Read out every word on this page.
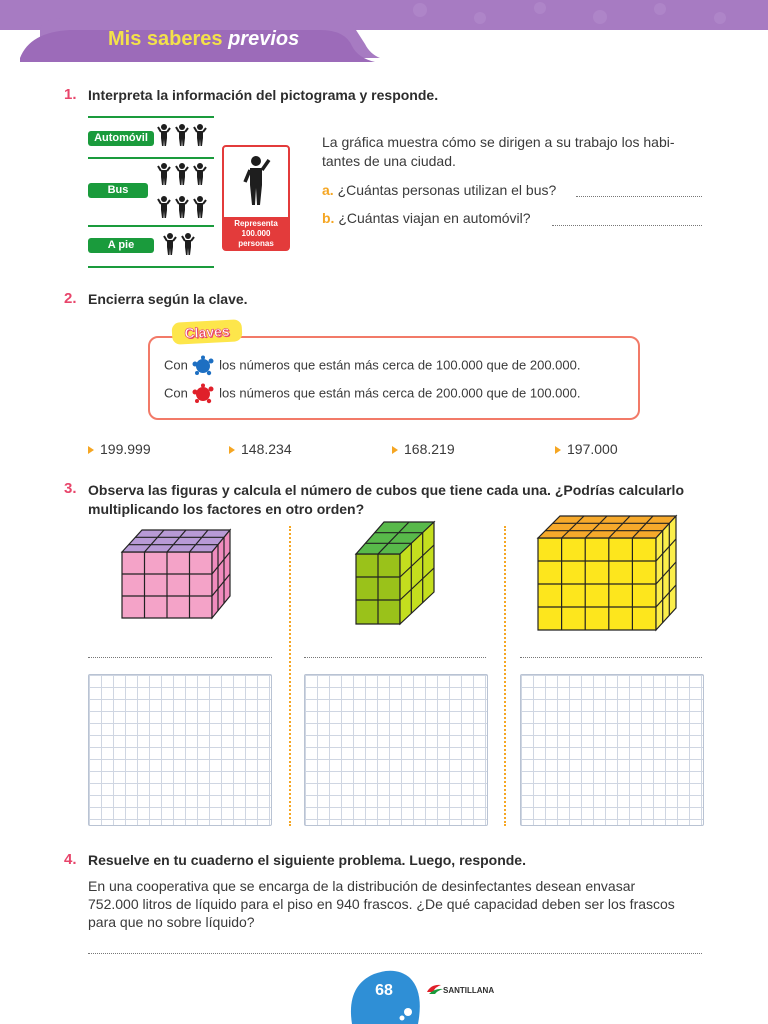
Mis saberes previos
1. Interpreta la información del pictograma y responde.
Automóvil
Bus
A pie
Representa 100.000 personas
La gráfica muestra cómo se dirigen a su trabajo los habi-
tantes de una ciudad.
a. ¿Cuántas personas utilizan el bus?
b. ¿Cuántas viajan en automóvil?
2. Encierra según la clave.
Claves
Con los números que están más cerca de 100.000 que de 200.000.
Con los números que están más cerca de 200.000 que de 100.000.
199.999	148.234	168.219	197.000
3. Observa las figuras y calcula el número de cubos que tiene cada una. ¿Podrías calcularlo
multiplicando los factores en otro orden?
4. Resuelve en tu cuaderno el siguiente problema. Luego, responde.
En una cooperativa que se encarga de la distribución de desinfectantes desean envasar
752.000 litros de líquido para el piso en 940 frascos. ¿De qué capacidad deben ser los frascos
para que no sobre líquido?
68	SANTILLANA
